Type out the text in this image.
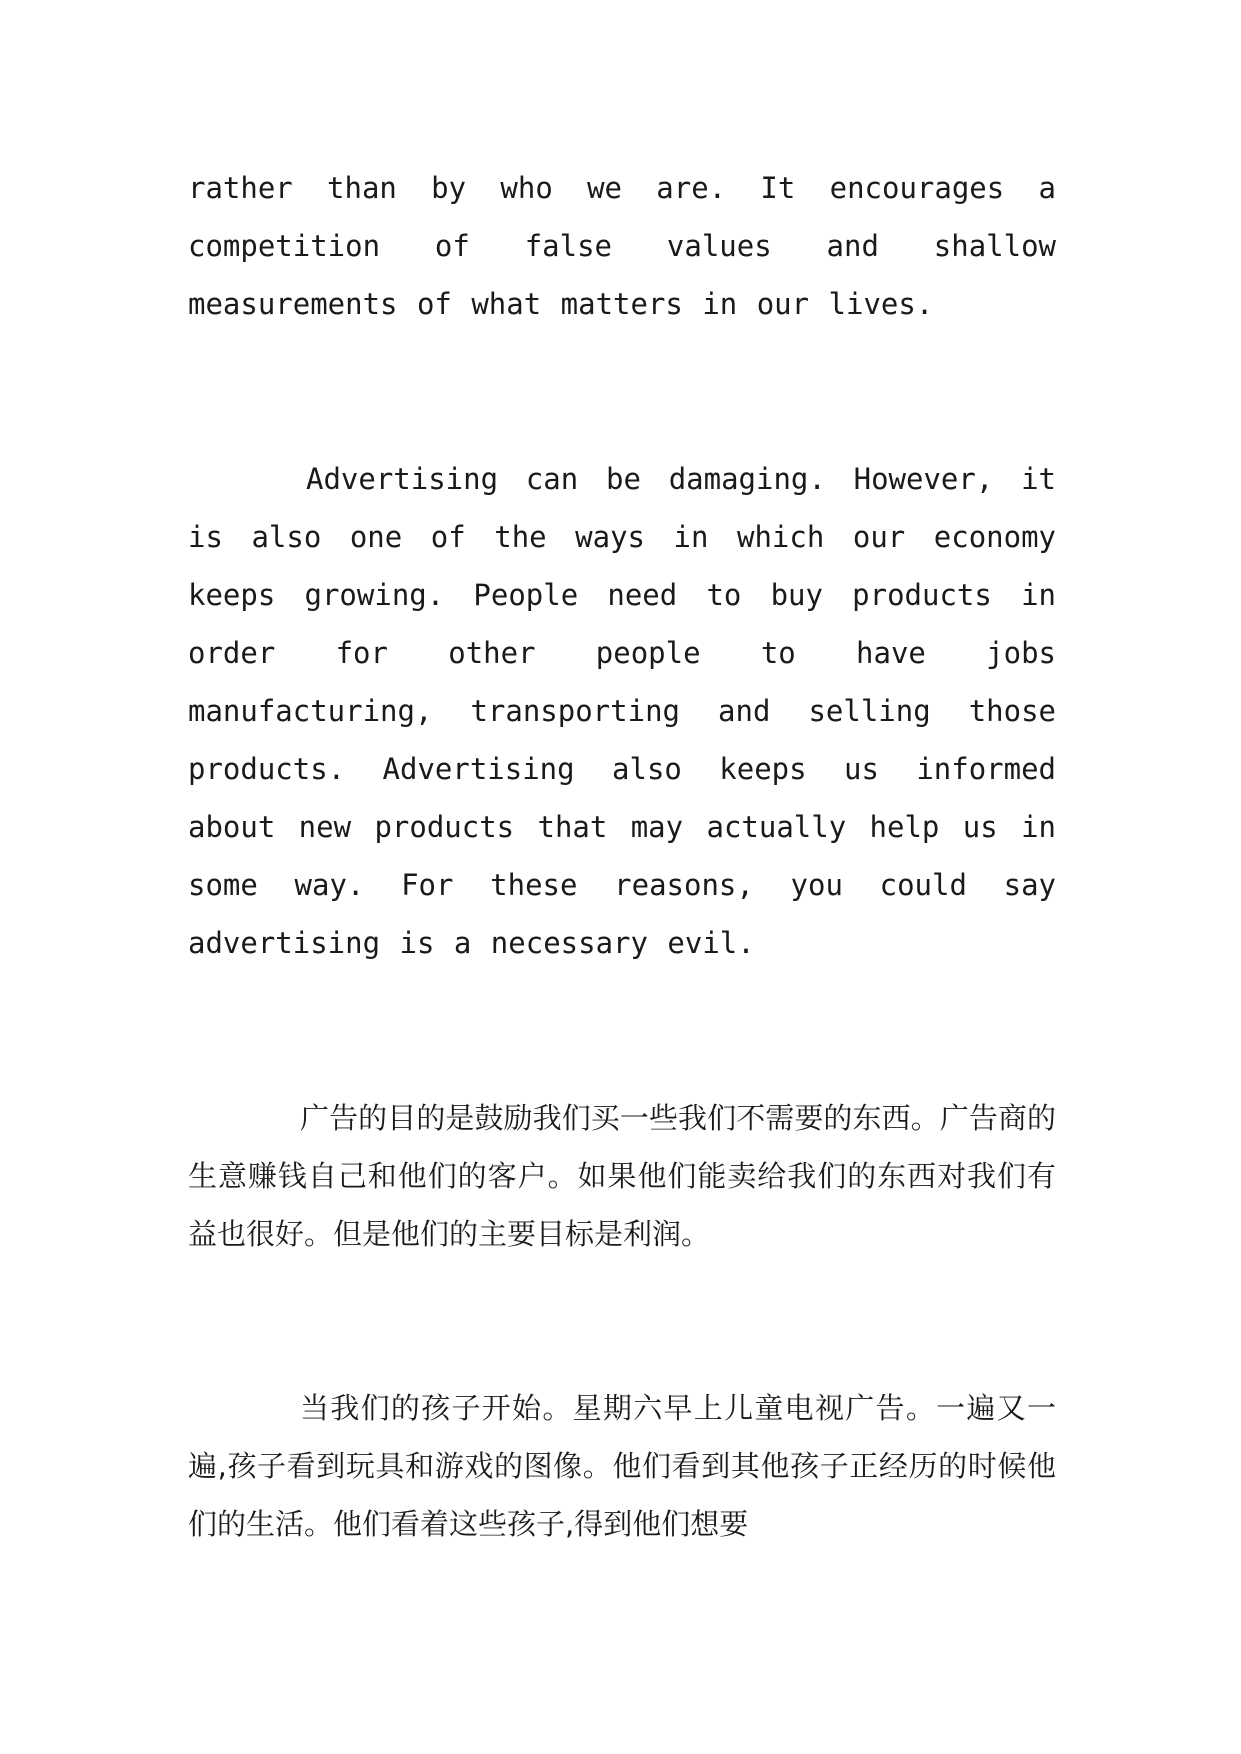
rather than by who we are. It encourages a competition of false values and shallow measurements of what matters in our lives.

Advertising can be damaging. However, it is also one of the ways in which our economy keeps growing. People need to buy products in order for other people to have jobs manufacturing, transporting and selling those products. Advertising also keeps us informed about new products that may actually help us in some way. For these reasons, you could say advertising is a necessary evil.

广告的目的是鼓励我们买一些我们不需要的东西。广告商的生意赚钱自己和他们的客户。如果他们能卖给我们的东西对我们有益也很好。但是他们的主要目标是利润。

当我们的孩子开始。星期六早上儿童电视广告。一遍又一遍,孩子看到玩具和游戏的图像。他们看到其他孩子正经历的时候他们的生活。他们看着这些孩子,得到他们想要
